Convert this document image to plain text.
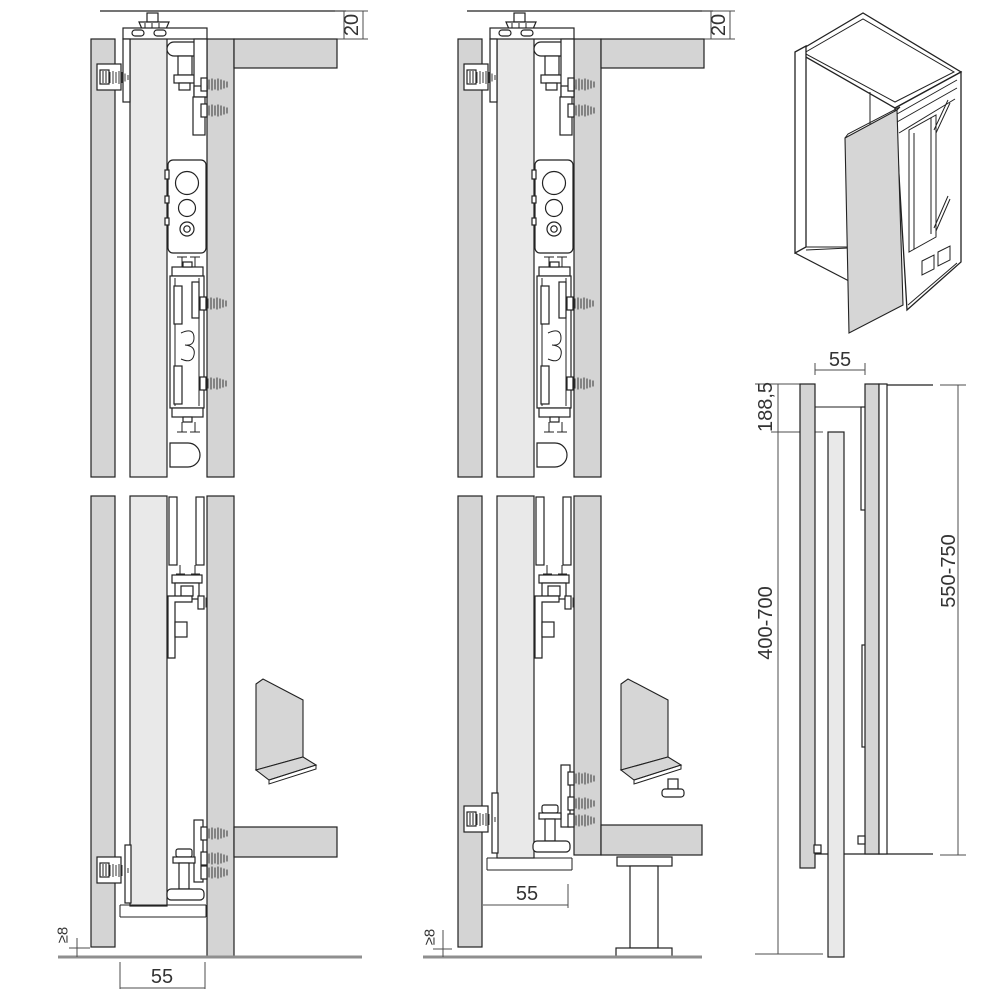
20
≥8
55
20
≥8
55
55
188,5
400-700
550-750
